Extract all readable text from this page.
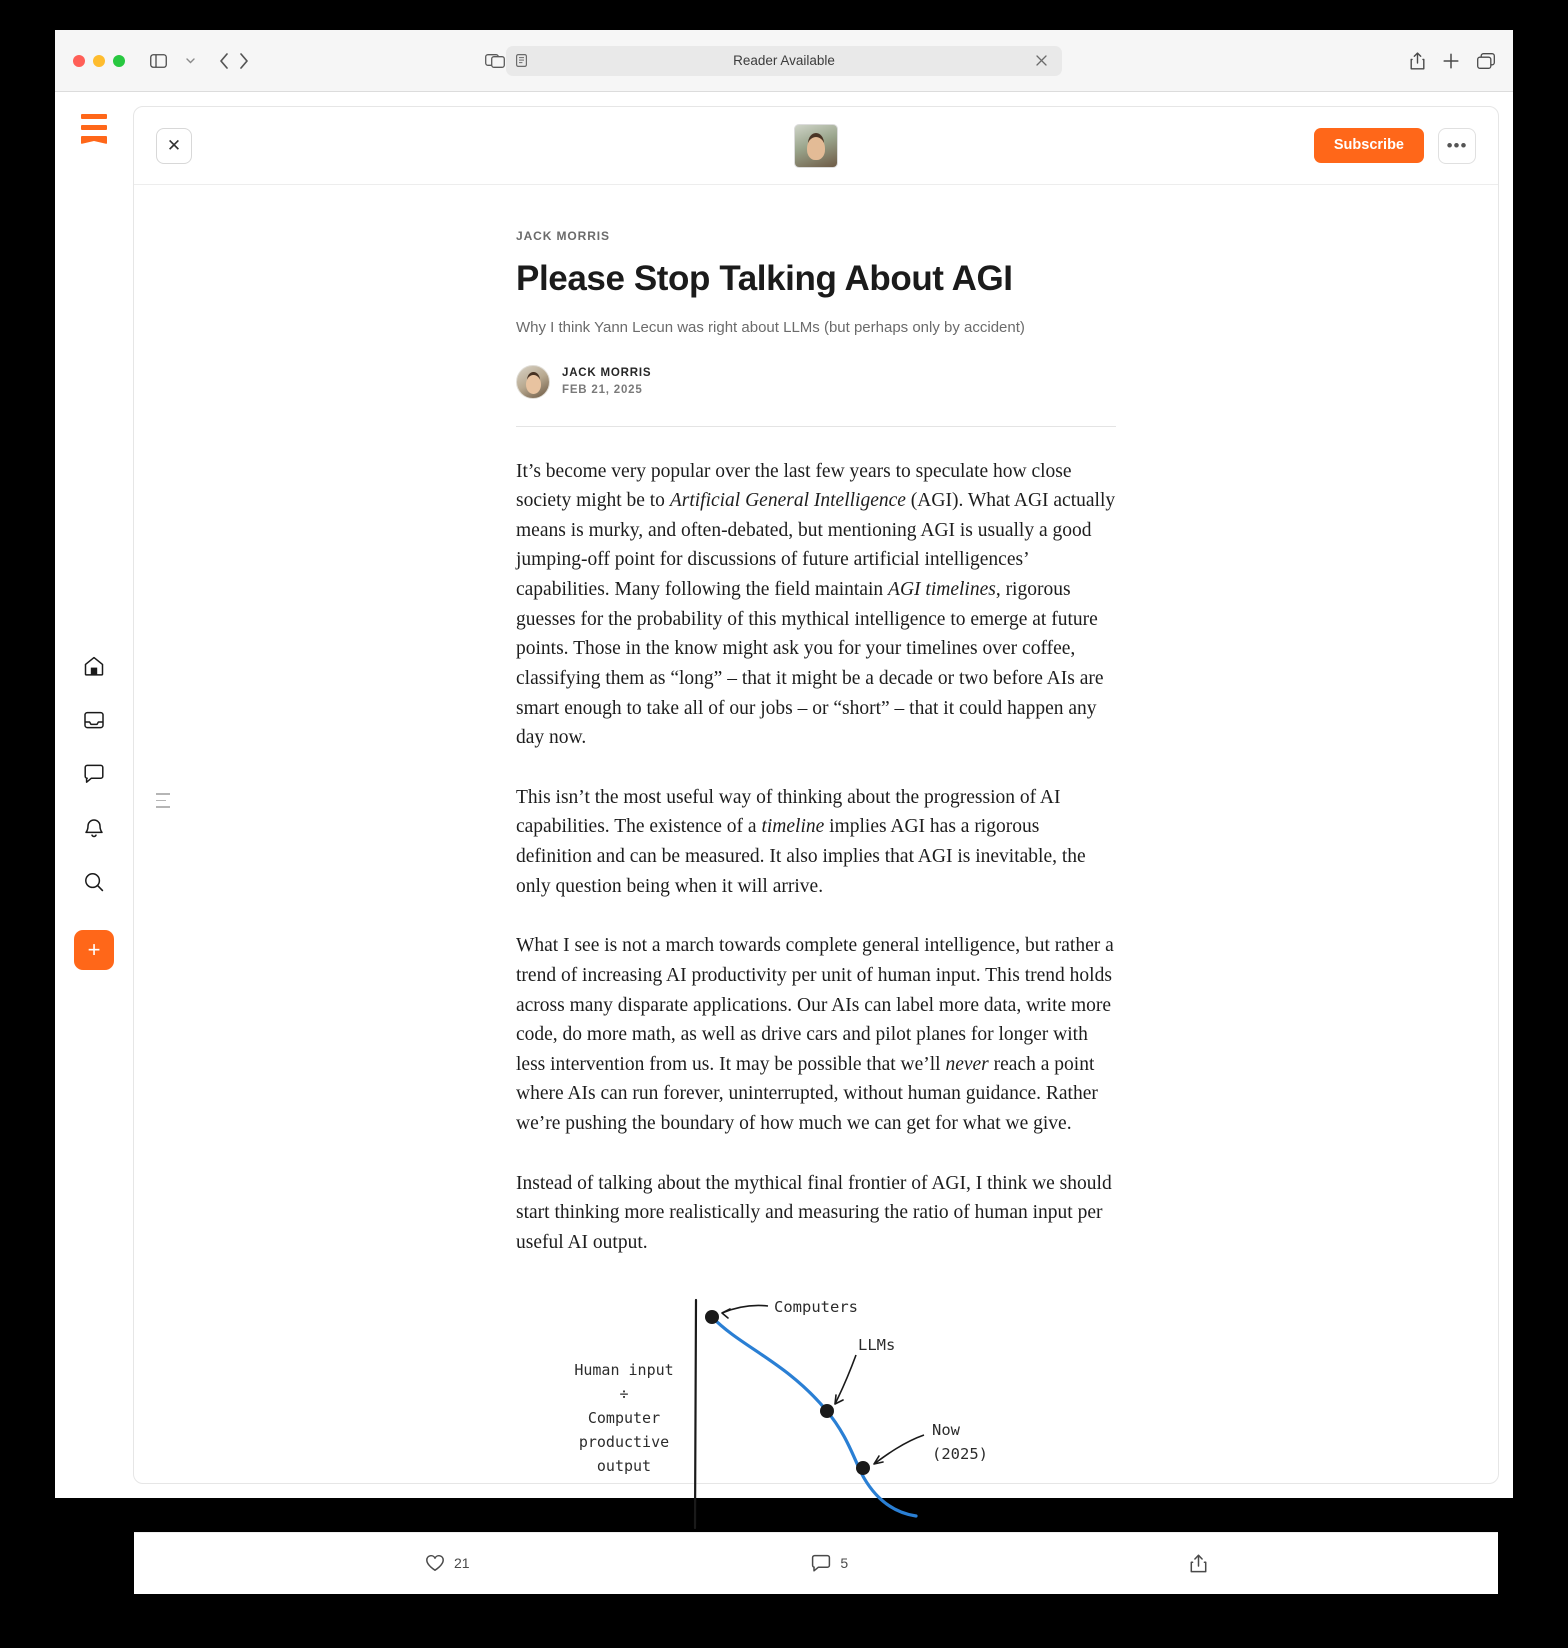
Reader Available
+
✕	Subscribe	•••
JACK MORRIS
Please Stop Talking About AGI
Why I think Yann Lecun was right about LLMs (but perhaps only by accident)
JACK MORRIS
FEB 21, 2025

It’s become very popular over the last few years to speculate how close society might be to Artificial General Intelligence (AGI). What AGI actually means is murky, and often-debated, but mentioning AGI is usually a good jumping-off point for discussions of future artificial intelligences’ capabilities. Many following the field maintain AGI timelines, rigorous guesses for the probability of this mythical intelligence to emerge at future points. Those in the know might ask you for your timelines over coffee, classifying them as “long” – that it might be a decade or two before AIs are smart enough to take all of our jobs – or “short” – that it could happen any day now.

This isn’t the most useful way of thinking about the progression of AI capabilities. The existence of a timeline implies AGI has a rigorous definition and can be measured. It also implies that AGI is inevitable, the only question being when it will arrive.

What I see is not a march towards complete general intelligence, but rather a trend of increasing AI productivity per unit of human input. This trend holds across many disparate applications. Our AIs can label more data, write more code, do more math, as well as drive cars and pilot planes for longer with less intervention from us. It may be possible that we’ll never reach a point where AIs can run forever, uninterrupted, without human guidance. Rather we’re pushing the boundary of how much we can get for what we give.

Instead of talking about the mythical final frontier of AGI, I think we should start thinking more realistically and measuring the ratio of human input per useful AI output.

Human input
÷
Computer
productive
output
Computers
LLMs
Now
(2025)
21	5
